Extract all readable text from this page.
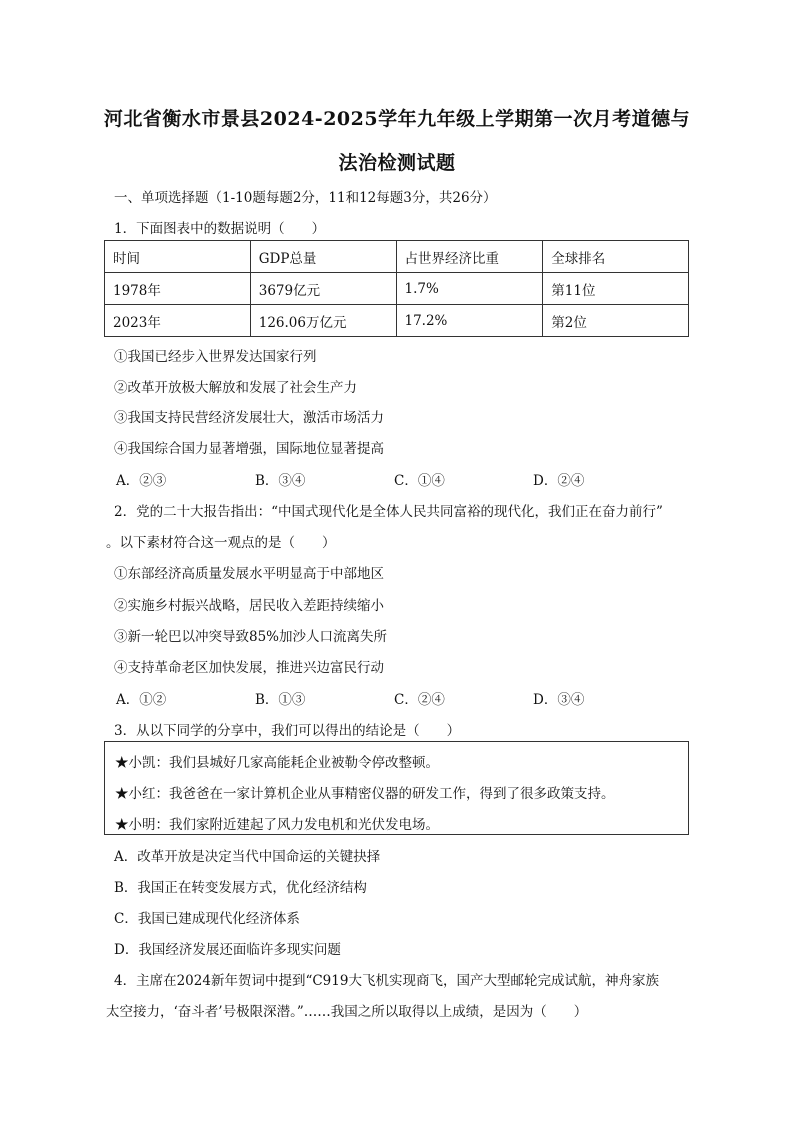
河北省衡水市景县2024-2025学年九年级上学期第一次月考道德与
法治检测试题
一、单项选择题（1-10题每题2分，11和12每题3分，共26分）
1．下面图表中的数据说明（　　）
时间	GDP总量	占世界经济比重	全球排名
1978年	3679亿元	1.7%	第11位
2023年	126.06万亿元	17.2%	第2位
①我国已经步入世界发达国家行列
②改革开放极大解放和发展了社会生产力
③我国支持民营经济发展壮大，激活市场活力
④我国综合国力显著增强，国际地位显著提高
A．②③	B．③④	C．①④	D．②④
2．党的二十大报告指出：“中国式现代化是全体人民共同富裕的现代化，我们正在奋力前行”
。以下素材符合这一观点的是（　　）
①东部经济高质量发展水平明显高于中部地区
②实施乡村振兴战略，居民收入差距持续缩小
③新一轮巴以冲突导致85%加沙人口流离失所
④支持革命老区加快发展，推进兴边富民行动
A．①②	B．①③	C．②④	D．③④
3．从以下同学的分享中，我们可以得出的结论是（　　）
★小凯：我们县城好几家高能耗企业被勒令停改整顿。
★小红：我爸爸在一家计算机企业从事精密仪器的研发工作，得到了很多政策支持。
★小明：我们家附近建起了风力发电机和光伏发电场。
A．改革开放是决定当代中国命运的关键抉择
B．我国正在转变发展方式，优化经济结构
C．我国已建成现代化经济体系
D．我国经济发展还面临许多现实问题
4．主席在2024新年贺词中提到“C919大飞机实现商飞，国产大型邮轮完成试航，神舟家族
太空接力，‘奋斗者’号极限深潜。”……我国之所以取得以上成绩，是因为（　　）
